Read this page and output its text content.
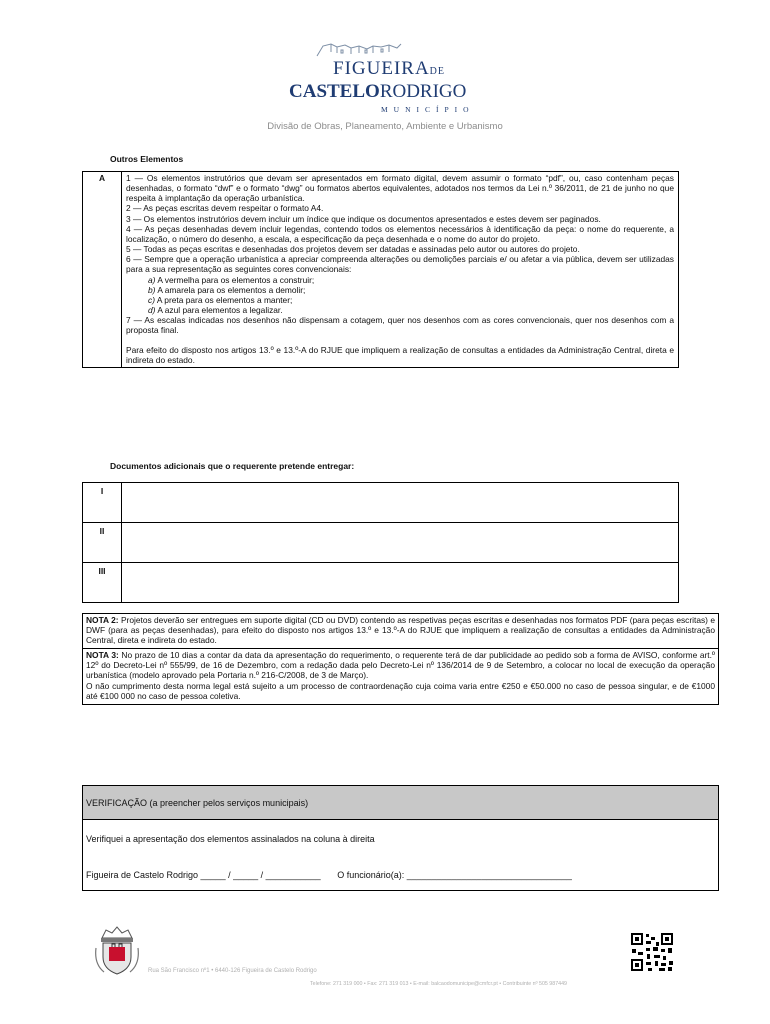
FIGUEIRADE
CASTELORODRIGO
MUNICÍPIO
Divisão de Obras, Planeamento, Ambiente e Urbanismo
Outros Elementos
A	1 — Os elementos instrutórios que devam ser apresentados em formato digital, devem assumir o formato “pdf”, ou, caso contenham peças desenhadas, o formato “dwf” e o formato “dwg” ou formatos abertos equivalentes, adotados nos termos da Lei n.º 36/2011, de 21 de junho no que respeita à implantação da operação urbanística.
2 — As peças escritas devem respeitar o formato A4.
3 — Os elementos instrutórios devem incluir um índice que indique os documentos apresentados e estes devem ser paginados.
4 — As peças desenhadas devem incluir legendas, contendo todos os elementos necessários à identificação da peça: o nome do requerente, a localização, o número do desenho, a escala, a especificação da peça desenhada e o nome do autor do projeto.
5 — Todas as peças escritas e desenhadas dos projetos devem ser datadas e assinadas pelo autor ou autores do projeto.
6 — Sempre que a operação urbanística a apreciar compreenda alterações ou demolições parciais e/ ou afetar a via pública, devem ser utilizadas para a sua representação as seguintes cores convencionais:
a) A vermelha para os elementos a construir;
b) A amarela para os elementos a demolir;
c) A preta para os elementos a manter;
d) A azul para elementos a legalizar.
7 — As escalas indicadas nos desenhos não dispensam a cotagem, quer nos desenhos com as cores convencionais, quer nos desenhos com a proposta final.
Para efeito do disposto nos artigos 13.º e 13.º-A do RJUE que impliquem a realização de consultas a entidades da Administração Central, direta e indireta do estado.
Documentos adicionais que o requerente pretende entregar:
I	
II	
III	
NOTA 2: Projetos deverão ser entregues em suporte digital (CD ou DVD) contendo as respetivas peças escritas e desenhadas nos formatos PDF (para peças escritas) e DWF (para as peças desenhadas), para efeito do disposto nos artigos 13.º e 13.º-A do RJUE que impliquem a realização de consultas a entidades da Administração Central, direta e indireta do estado.
NOTA 3: No prazo de 10 dias a contar da data da apresentação do requerimento, o requerente terá de dar publicidade ao pedido sob a forma de AVISO, conforme art.º 12º do Decreto-Lei nº 555/99, de 16 de Dezembro, com a redação dada pelo Decreto-Lei nº 136/2014 de 9 de Setembro, a colocar no local de execução da operação urbanística (modelo aprovado pela Portaria n.º 216-C/2008, de 3 de Março).
O não cumprimento desta norma legal está sujeito a um processo de contraordenação cuja coima varia entre €250 e €50.000 no caso de pessoa singular, e de €1000 até €100 000 no caso de pessoa coletiva.
VERIFICAÇÃO (a preencher pelos serviços municipais)
Verifiquei a apresentação dos elementos assinalados na coluna à direita
Figueira de Castelo Rodrigo _____ / _____ / ___________ O funcionário(a): _________________________________
Rua São Francisco nº1 • 6440-126 Figueira de Castelo Rodrigo
Telefone: 271 319 000 • Fax: 271 319 013 • E-mail: balcaodomunicipe@cmfcr.pt • Contribuinte nº 505 987449
